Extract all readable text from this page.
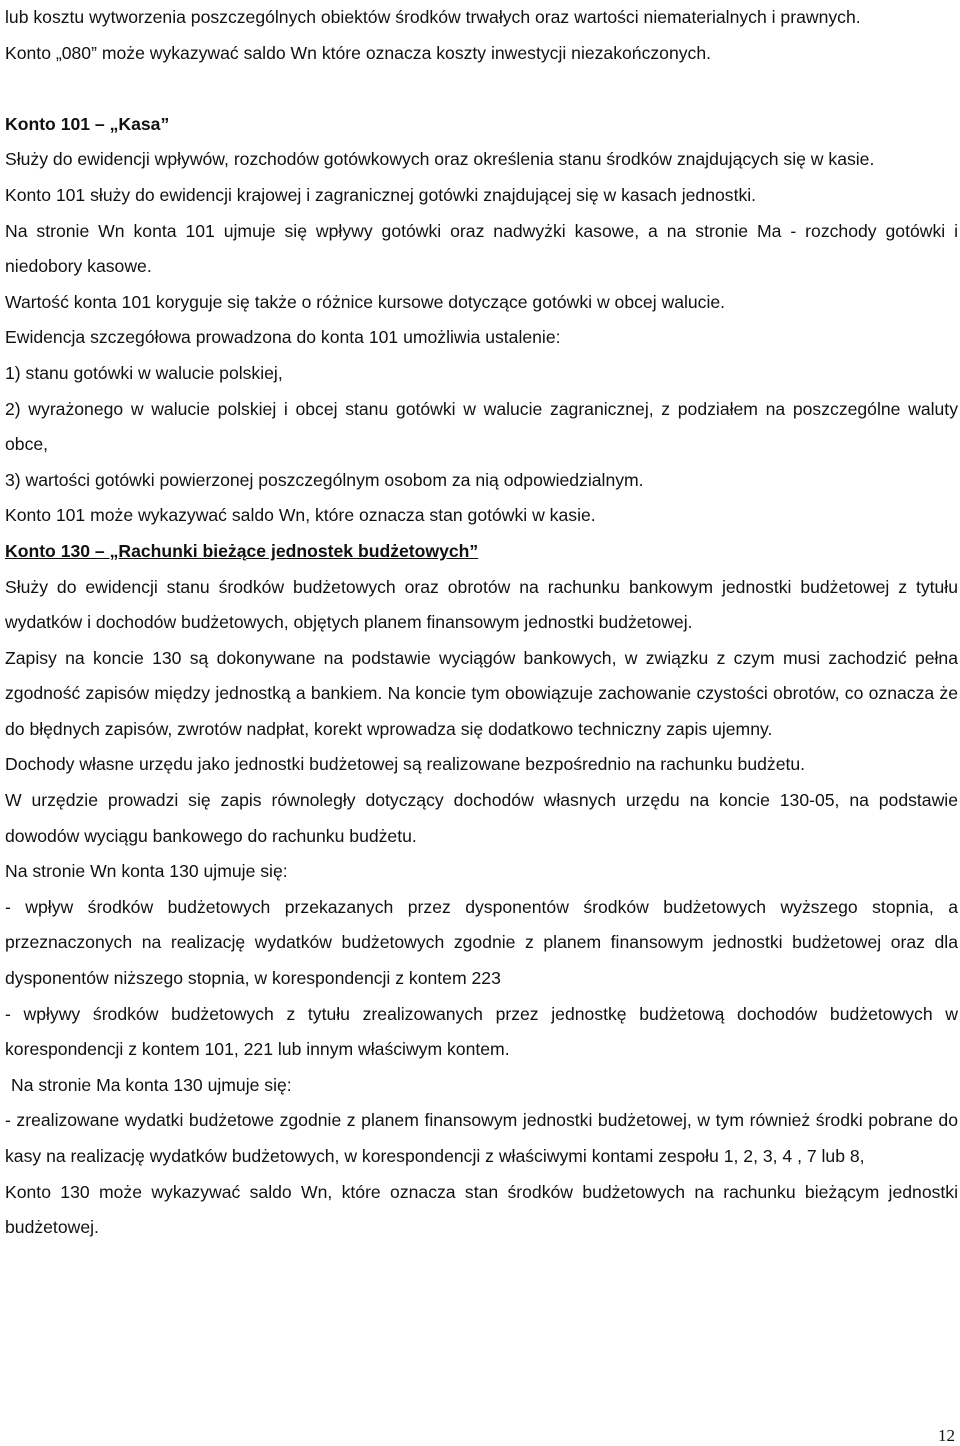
lub kosztu wytworzenia poszczególnych obiektów środków trwałych oraz wartości niematerialnych i prawnych.

Konto „080” może wykazywać saldo Wn które oznacza koszty inwestycji niezakończonych.

Konto 101 – „Kasa”

Służy do ewidencji wpływów, rozchodów gotówkowych oraz określenia stanu środków znajdujących się w kasie.

Konto 101 służy do ewidencji krajowej i zagranicznej gotówki znajdującej się w kasach jednostki.

Na stronie Wn konta 101 ujmuje się wpływy gotówki oraz nadwyżki kasowe, a na stronie Ma - rozchody gotówki i niedobory kasowe.

Wartość konta 101 koryguje się także o różnice kursowe dotyczące gotówki w obcej walucie.

Ewidencja szczegółowa prowadzona do konta 101 umożliwia ustalenie:

1) stanu gotówki w walucie polskiej,

2) wyrażonego w walucie polskiej i obcej stanu gotówki w walucie zagranicznej, z podziałem na poszczególne waluty obce,

3) wartości gotówki powierzonej poszczególnym osobom za nią odpowiedzialnym.

Konto 101 może wykazywać saldo Wn, które oznacza stan gotówki w kasie.

Konto 130 – „Rachunki bieżące jednostek budżetowych”

Służy do ewidencji stanu środków budżetowych oraz obrotów na rachunku bankowym jednostki budżetowej z tytułu wydatków i dochodów budżetowych, objętych planem finansowym jednostki budżetowej.

Zapisy na koncie 130 są dokonywane na podstawie wyciągów bankowych, w związku z czym musi zachodzić pełna zgodność zapisów między jednostką a bankiem. Na koncie tym obowiązuje zachowanie czystości obrotów, co oznacza że do błędnych zapisów, zwrotów nadpłat, korekt wprowadza się dodatkowo techniczny zapis ujemny.

Dochody własne urzędu jako jednostki budżetowej są realizowane bezpośrednio na rachunku budżetu.

W urzędzie prowadzi się zapis równoległy dotyczący dochodów własnych urzędu na koncie 130-05, na podstawie dowodów wyciągu bankowego do rachunku budżetu.

Na stronie Wn konta 130 ujmuje się:

- wpływ środków budżetowych przekazanych przez dysponentów środków budżetowych wyższego stopnia, a przeznaczonych na realizację wydatków budżetowych zgodnie z planem finansowym jednostki budżetowej oraz dla dysponentów niższego stopnia, w korespondencji z kontem 223

- wpływy środków budżetowych z tytułu zrealizowanych przez jednostkę budżetową dochodów budżetowych w korespondencji z kontem 101, 221 lub innym właściwym kontem.

Na stronie Ma konta 130 ujmuje się:

- zrealizowane wydatki budżetowe zgodnie z planem finansowym jednostki budżetowej, w tym również środki pobrane do kasy na realizację wydatków budżetowych, w korespondencji z właściwymi kontami zespołu 1, 2, 3, 4 , 7 lub 8,

Konto 130 może wykazywać saldo Wn, które oznacza stan środków budżetowych na rachunku bieżącym jednostki budżetowej.

12
